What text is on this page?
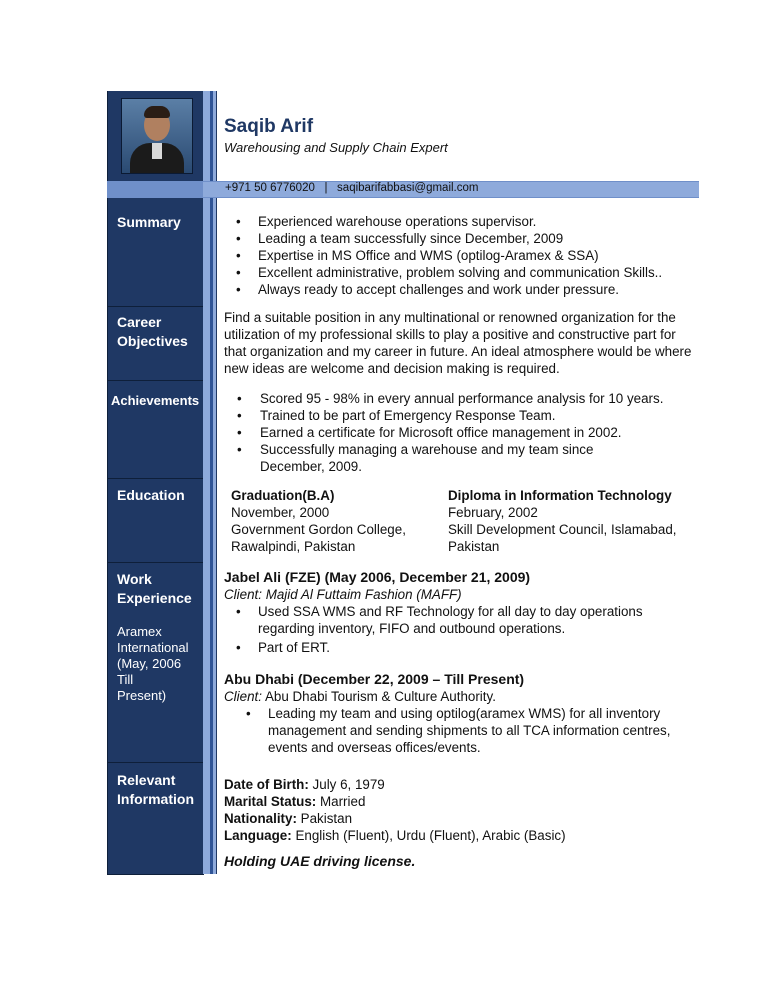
Saqib Arif
Warehousing and Supply Chain Expert
+971 50 6776020 | saqibarifabbasi@gmail.com
Summary
Career
Objectives
Achievements
Education
Work
Experience
Aramex
International
(May, 2006
Till
Present)
Relevant
Information
• Experienced warehouse operations supervisor.
• Leading a team successfully since December, 2009
• Expertise in MS Office and WMS (optilog-Aramex & SSA)
• Excellent administrative, problem solving and communication Skills..
• Always ready to accept challenges and work under pressure.
Find a suitable position in any multinational or renowned organization for the utilization of my professional skills to play a positive and constructive part for that organization and my career in future. An ideal atmosphere would be where new ideas are welcome and decision making is required.
• Scored 95 - 98% in every annual performance analysis for 10 years.
• Trained to be part of Emergency Response Team.
• Earned a certificate for Microsoft office management in 2002.
• Successfully managing a warehouse and my team since December, 2009.
Graduation(B.A)
November, 2000
Government Gordon College,
Rawalpindi, Pakistan
Diploma in Information Technology
February, 2002
Skill Development Council, Islamabad,
Pakistan
Jabel Ali (FZE) (May 2006, December 21, 2009)
Client: Majid Al Futtaim Fashion (MAFF)
• Used SSA WMS and RF Technology for all day to day operations regarding inventory, FIFO and outbound operations.
• Part of ERT.
Abu Dhabi (December 22, 2009 – Till Present)
Client: Abu Dhabi Tourism & Culture Authority.
• Leading my team and using optilog(aramex WMS) for all inventory management and sending shipments to all TCA information centres, events and overseas offices/events.
Date of Birth: July 6, 1979
Marital Status: Married
Nationality: Pakistan
Language: English (Fluent), Urdu (Fluent), Arabic (Basic)
Holding UAE driving license.
